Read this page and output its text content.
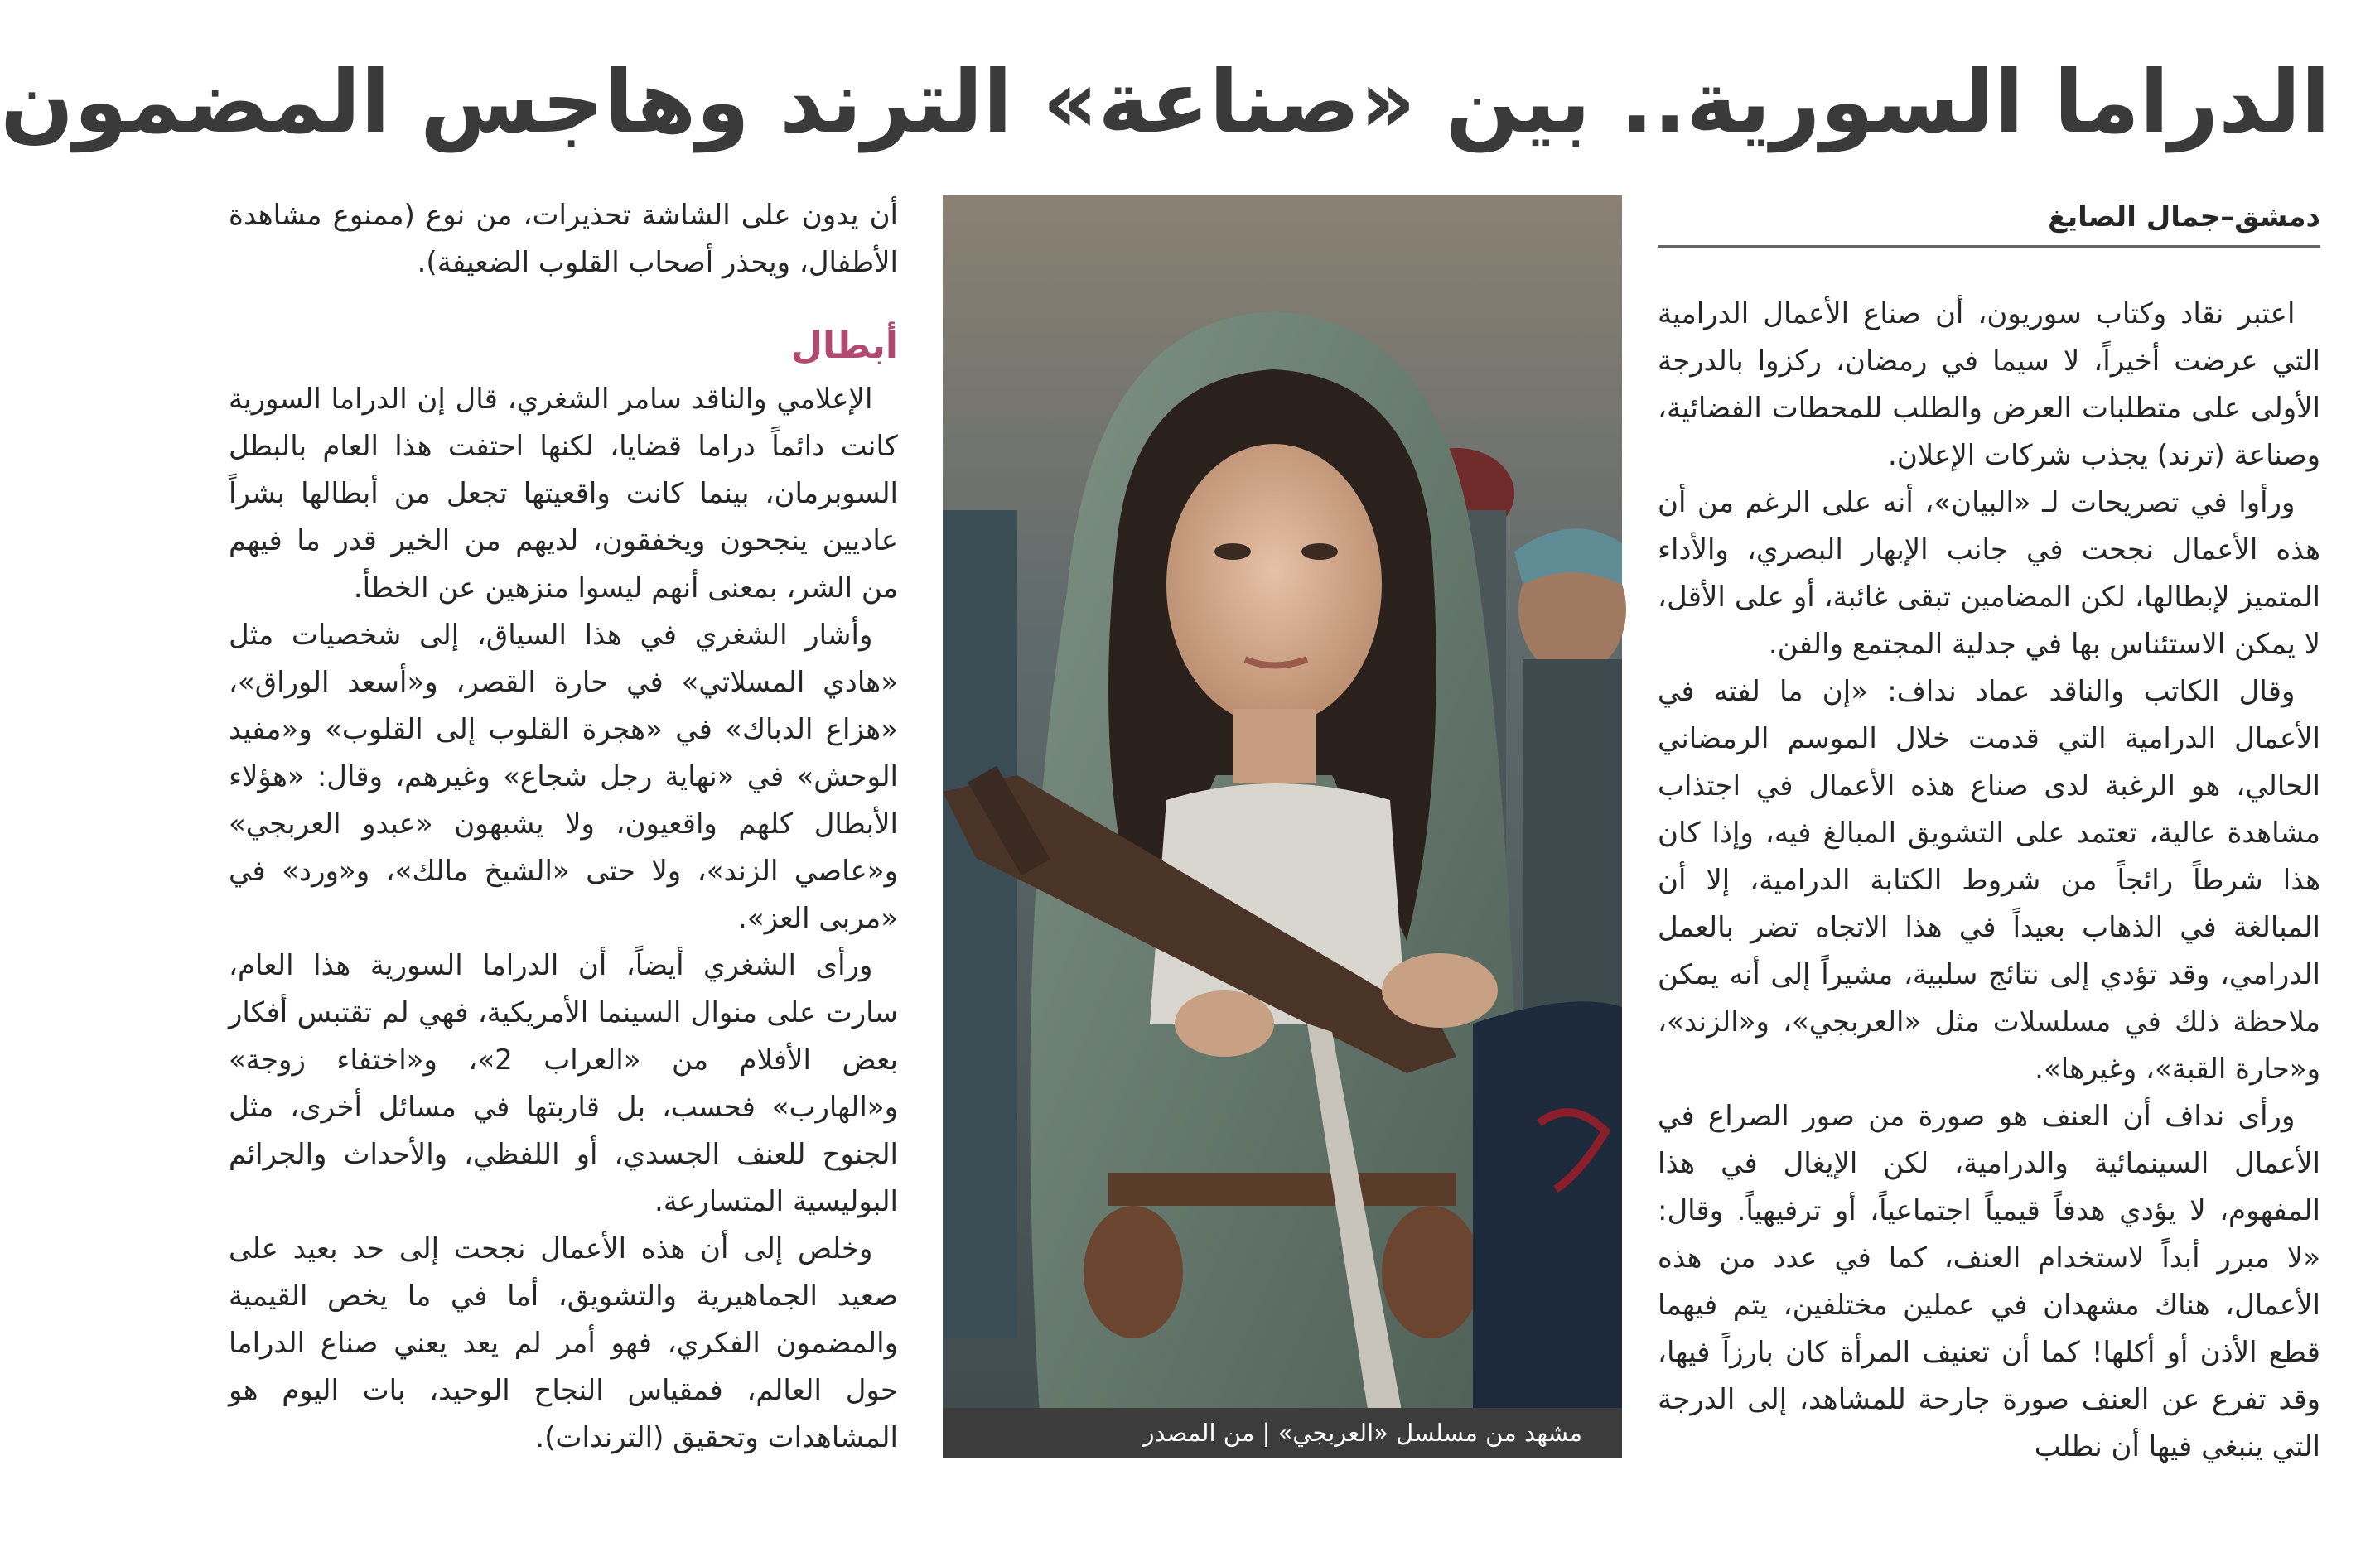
الدراما السورية.. بين «صناعة» الترند وهاجس المضمون
دمشق–جمال الصايغ

اعتبر نقاد وكتاب سوريون، أن صناع الأعمال الدرامية التي عرضت أخيراً، لا سيما في رمضان، ركزوا بالدرجة الأولى على متطلبات العرض والطلب للمحطات الفضائية، وصناعة (ترند) يجذب شركات الإعلان.

ورأوا في تصريحات لـ «البيان»، أنه على الرغم من أن هذه الأعمال نجحت في جانب الإبهار البصري، والأداء المتميز لإبطالها، لكن المضامين تبقى غائبة، أو على الأقل، لا يمكن الاستئناس بها في جدلية المجتمع والفن.

وقال الكاتب والناقد عماد نداف: «إن ما لفته في الأعمال الدرامية التي قدمت خلال الموسم الرمضاني الحالي، هو الرغبة لدى صناع هذه الأعمال في اجتذاب مشاهدة عالية، تعتمد على التشويق المبالغ فيه، وإذا كان هذا شرطاً رائجاً من شروط الكتابة الدرامية، إلا أن المبالغة في الذهاب بعيداً في هذا الاتجاه تضر بالعمل الدرامي، وقد تؤدي إلى نتائج سلبية، مشيراً إلى أنه يمكن ملاحظة ذلك في مسلسلات مثل «العربجي»، و«الزند»، و«حارة القبة»، وغيرها».

ورأى نداف أن العنف هو صورة من صور الصراع في الأعمال السينمائية والدرامية، لكن الإيغال في هذا المفهوم، لا يؤدي هدفاً قيمياً اجتماعياً، أو ترفيهياً. وقال: «لا مبرر أبداً لاستخدام العنف، كما في عدد من هذه الأعمال، هناك مشهدان في عملين مختلفين، يتم فيهما قطع الأذن أو أكلها! كما أن تعنيف المرأة كان بارزاً فيها، وقد تفرع عن العنف صورة جارحة للمشاهد، إلى الدرجة التي ينبغي فيها أن نطلب

مشهد من مسلسل «العربجي» | من المصدر

أن يدون على الشاشة تحذيرات، من نوع (ممنوع مشاهدة الأطفال، ويحذر أصحاب القلوب الضعيفة).

أبطال

الإعلامي والناقد سامر الشغري، قال إن الدراما السورية كانت دائماً دراما قضايا، لكنها احتفت هذا العام بالبطل السوبرمان، بينما كانت واقعيتها تجعل من أبطالها بشراً عاديين ينجحون ويخفقون، لديهم من الخير قدر ما فيهم من الشر، بمعنى أنهم ليسوا منزهين عن الخطأ.

وأشار الشغري في هذا السياق، إلى شخصيات مثل «هادي المسلاتي» في حارة القصر، و«أسعد الوراق»، «هزاع الدباك» في «هجرة القلوب إلى القلوب» و«مفيد الوحش» في «نهاية رجل شجاع» وغيرهم، وقال: «هؤلاء الأبطال كلهم واقعيون، ولا يشبهون «عبدو العربجي» و«عاصي الزند»، ولا حتى «الشيخ مالك»، و«ورد» في «مربى العز».

ورأى الشغري أيضاً، أن الدراما السورية هذا العام، سارت على منوال السينما الأمريكية، فهي لم تقتبس أفكار بعض الأفلام من «العراب 2»، و«اختفاء زوجة» و«الهارب» فحسب، بل قاربتها في مسائل أخرى، مثل الجنوح للعنف الجسدي، أو اللفظي، والأحداث والجرائم البوليسية المتسارعة.

وخلص إلى أن هذه الأعمال نجحت إلى حد بعيد على صعيد الجماهيرية والتشويق، أما في ما يخص القيمية والمضمون الفكري، فهو أمر لم يعد يعني صناع الدراما حول العالم، فمقياس النجاح الوحيد، بات اليوم هو المشاهدات وتحقيق (الترندات).
